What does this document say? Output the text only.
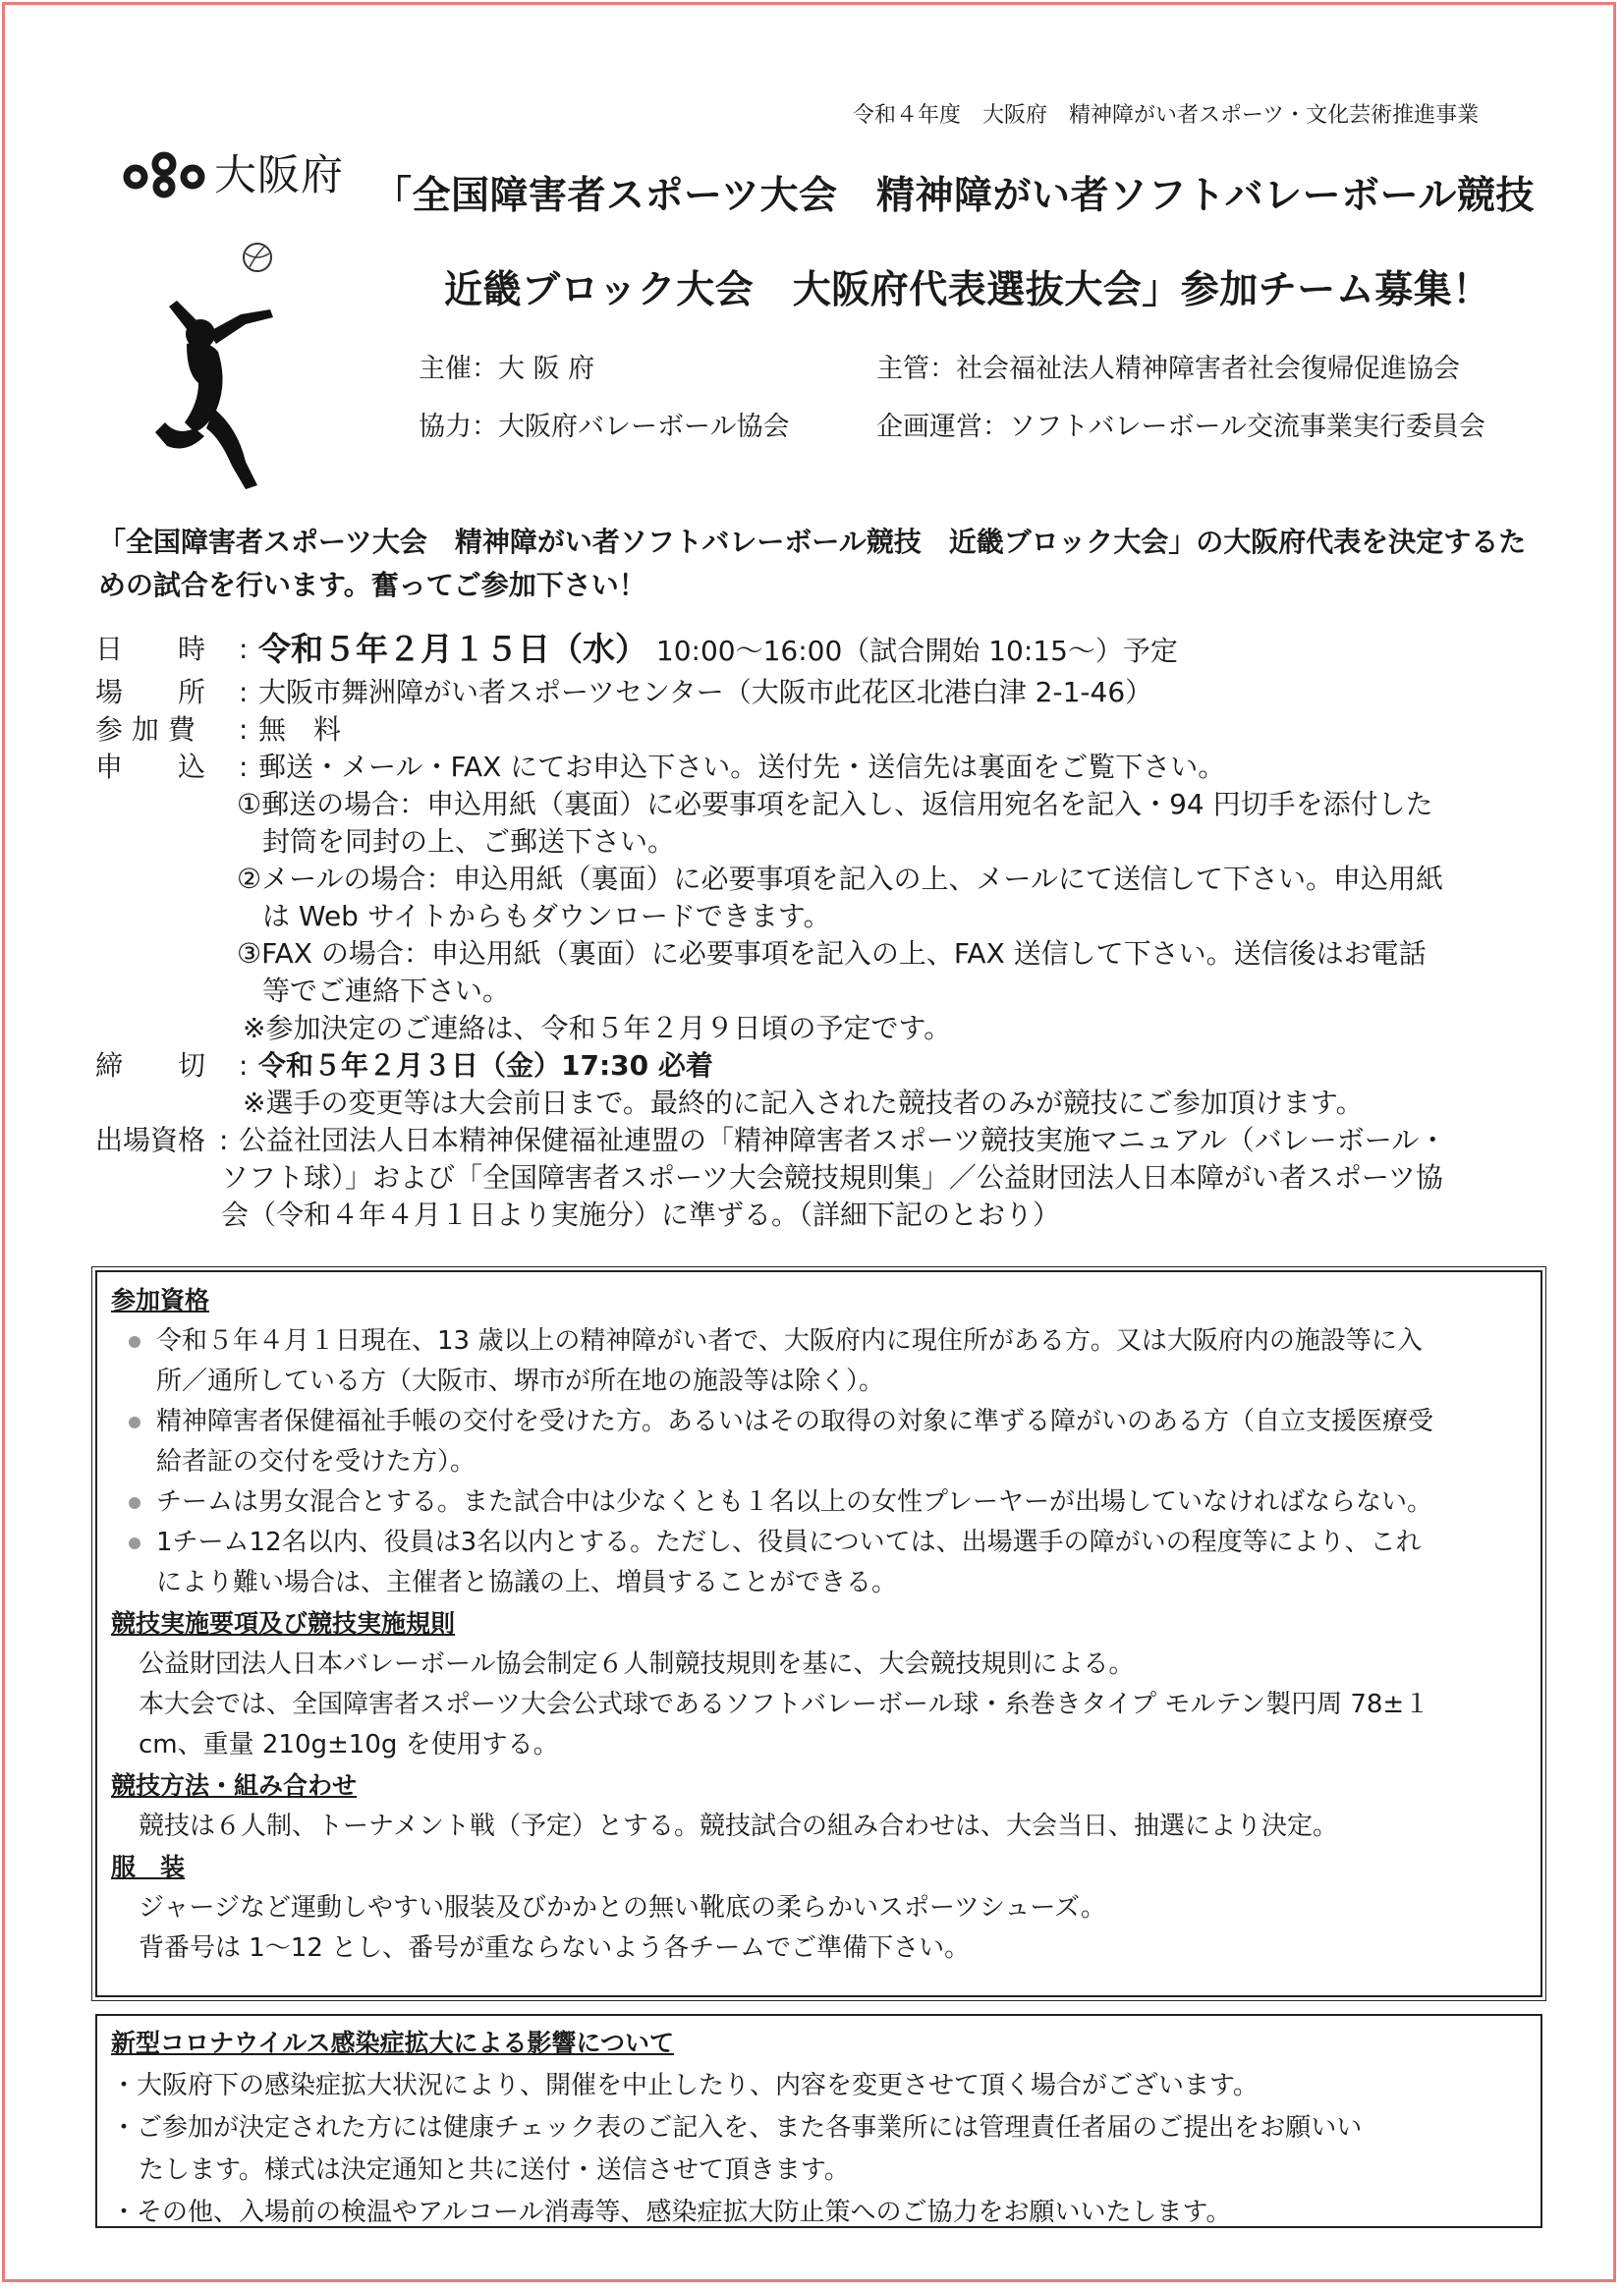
令和４年度　大阪府　精神障がい者スポーツ・文化芸術推進事業
大阪府 「全国障害者スポーツ大会　精神障がい者ソフトバレーボール競技
近畿ブロック大会　大阪府代表選抜大会」参加チーム募集！
主催：大 阪 府	主管：社会福祉法人精神障害者社会復帰促進協会
協力：大阪府バレーボール協会	企画運営：ソフトバレーボール交流事業実行委員会
「全国障害者スポーツ大会　精神障がい者ソフトバレーボール競技　近畿ブロック大会」の大阪府代表を決定するための試合を行います。奮ってご参加下さい！
日　　時	: 令和５年２月１５日（水） 10:00～16:00（試合開始 10:15～）予定
場　　所	: 大阪市舞洲障がい者スポーツセンター（大阪市此花区北港白津 2-1-46）
参 加 費	: 無　料
申　　込	: 郵送・メール・FAX にてお申込下さい。送付先・送信先は裏面をご覧下さい。
①郵送の場合：申込用紙（裏面）に必要事項を記入し、返信用宛名を記入・94 円切手を添付した
封筒を同封の上、ご郵送下さい。
②メールの場合：申込用紙（裏面）に必要事項を記入の上、メールにて送信して下さい。申込用紙
は Web サイトからもダウンロードできます。
③FAX の場合：申込用紙（裏面）に必要事項を記入の上、FAX 送信して下さい。送信後はお電話
等でご連絡下さい。
※参加決定のご連絡は、令和５年２月９日頃の予定です。
締　　切	: 令和５年２月３日（金）17:30 必着
※選手の変更等は大会前日まで。最終的に記入された競技者のみが競技にご参加頂けます。
出場資格 : 公益社団法人日本精神保健福祉連盟の「精神障害者スポーツ競技実施マニュアル（バレーボール・
ソフト球）」および「全国障害者スポーツ大会競技規則集」／公益財団法人日本障がい者スポーツ協
会（令和４年４月１日より実施分）に準ずる。（詳細下記のとおり）
参加資格
令和５年４月１日現在、13 歳以上の精神障がい者で、大阪府内に現住所がある方。又は大阪府内の施設等に入
所／通所している方（大阪市、堺市が所在地の施設等は除く）。
精神障害者保健福祉手帳の交付を受けた方。あるいはその取得の対象に準ずる障がいのある方（自立支援医療受
給者証の交付を受けた方）。
チームは男女混合とする。また試合中は少なくとも１名以上の女性プレーヤーが出場していなければならない。
1チーム12名以内、役員は3名以内とする。ただし、役員については、出場選手の障がいの程度等により、これ
により難い場合は、主催者と協議の上、増員することができる。
競技実施要項及び競技実施規則
公益財団法人日本バレーボール協会制定６人制競技規則を基に、大会競技規則による。
本大会では、全国障害者スポーツ大会公式球であるソフトバレーボール球・糸巻きタイプ モルテン製円周 78±１
cm、重量 210g±10g を使用する。
競技方法・組み合わせ
競技は６人制、トーナメント戦（予定）とする。競技試合の組み合わせは、大会当日、抽選により決定。
服　装
ジャージなど運動しやすい服装及びかかとの無い靴底の柔らかいスポーツシューズ。
背番号は 1～12 とし、番号が重ならないよう各チームでご準備下さい。
新型コロナウイルス感染症拡大による影響について
・大阪府下の感染症拡大状況により、開催を中止したり、内容を変更させて頂く場合がございます。
・ご参加が決定された方には健康チェック表のご記入を、また各事業所には管理責任者届のご提出をお願いい
たします。様式は決定通知と共に送付・送信させて頂きます。
・その他、入場前の検温やアルコール消毒等、感染症拡大防止策へのご協力をお願いいたします。
